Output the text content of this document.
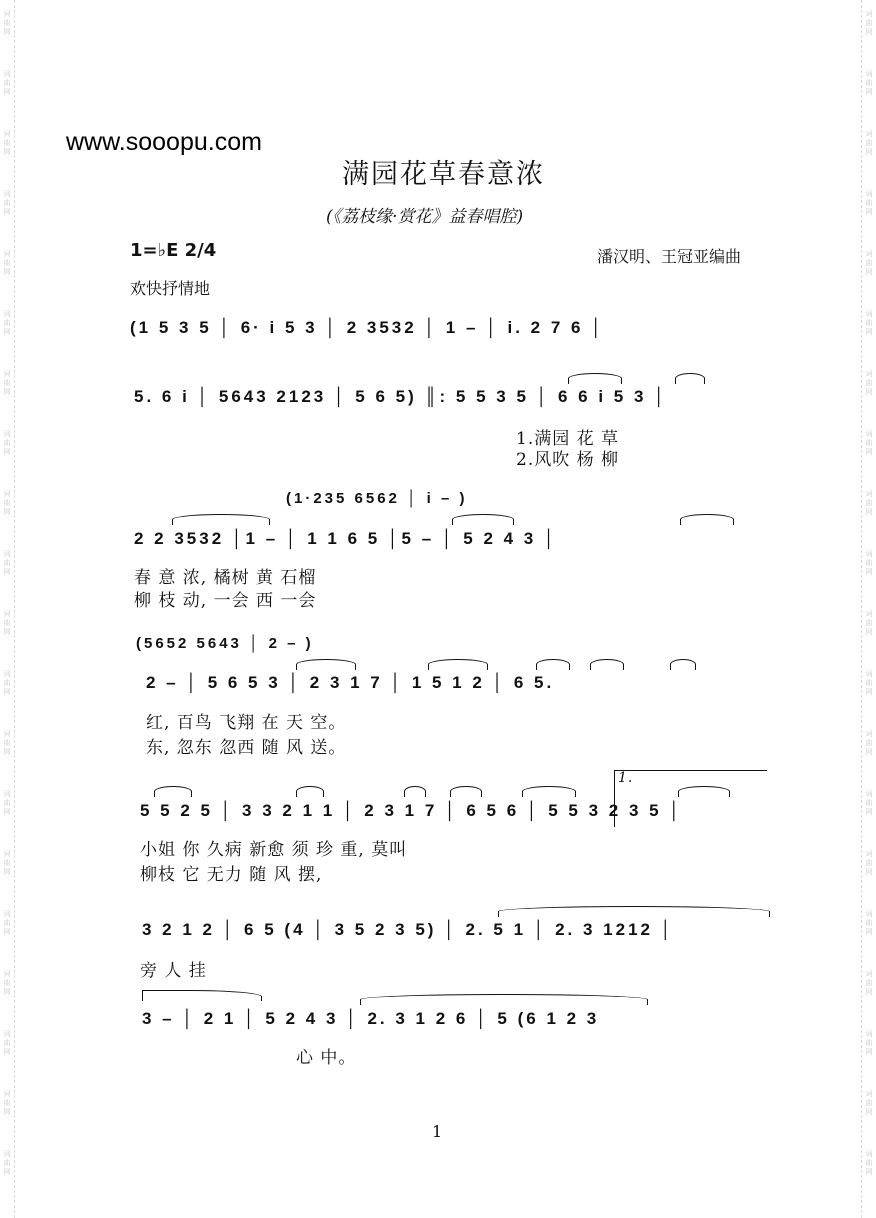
词
曲
网
词
曲
网
词
曲
网
词
曲
网
词
曲
网
词
曲
网
词
曲
网
词
曲
网
词
曲
网
词
曲
网
词
曲
网
词
曲
网
词
曲
网
词
曲
网
词
曲
网
词
曲
网
词
曲
网
词
曲
网
词
曲
网
词
曲
网
词
曲
网
词
曲
网
词
曲
网
词
曲
网
词
曲
网
词
曲
网
词
曲
网
词
曲
网
词
曲
网
词
曲
网
词
曲
网
词
曲
网
词
曲
网
词
曲
网
词
曲
网
词
曲
网
词
曲
网
词
曲
网
词
曲
网
词
曲
网
www.sooopu.com
满园花草春意浓
(《荔枝缘·赏花》益春唱腔)
1=♭E 2/4	潘汉明、王冠亚编曲
欢快抒情地
(1 5 3 5 │ 6· i 5 3 │ 2 3532 │ 1 – │ i. 2 7 6 │
5. 6 i │ 5643 2123 │ 5 6 5) ║: 5 5 3 5 │ 6 6 i 5 3 │
1.满园 花 草
2.风吹 杨 柳
(1·235 6562 │ i – )
2 2 3532 │1 – │ 1 1 6 5 │5 – │ 5 2 4 3 │
春 意 浓, 橘树 黄 石榴
柳 枝 动, 一会 西 一会
(5652 5643 │ 2 – )
2 – │ 5 6 5 3 │ 2 3 1 7 │ 1 5 1 2 │ 6 5.
红, 百鸟 飞翔 在 天 空。
东, 忽东 忽西 随 风 送。
1.
5 5 2 5 │ 3 3 2 1 1 │ 2 3 1 7 │ 6 5 6 │ 5 5 3 2 3 5 │
小姐 你 久病 新愈 须 珍 重, 莫叫
柳枝 它 无力 随 风 摆,
3 2 1 2 │ 6 5 (4 │ 3 5 2 3 5) │ 2. 5 1 │ 2. 3 1212 │
旁 人 挂
3 – │ 2 1 │ 5 2 4 3 │ 2. 3 1 2 6 │ 5 (6 1 2 3
心 中。
1
